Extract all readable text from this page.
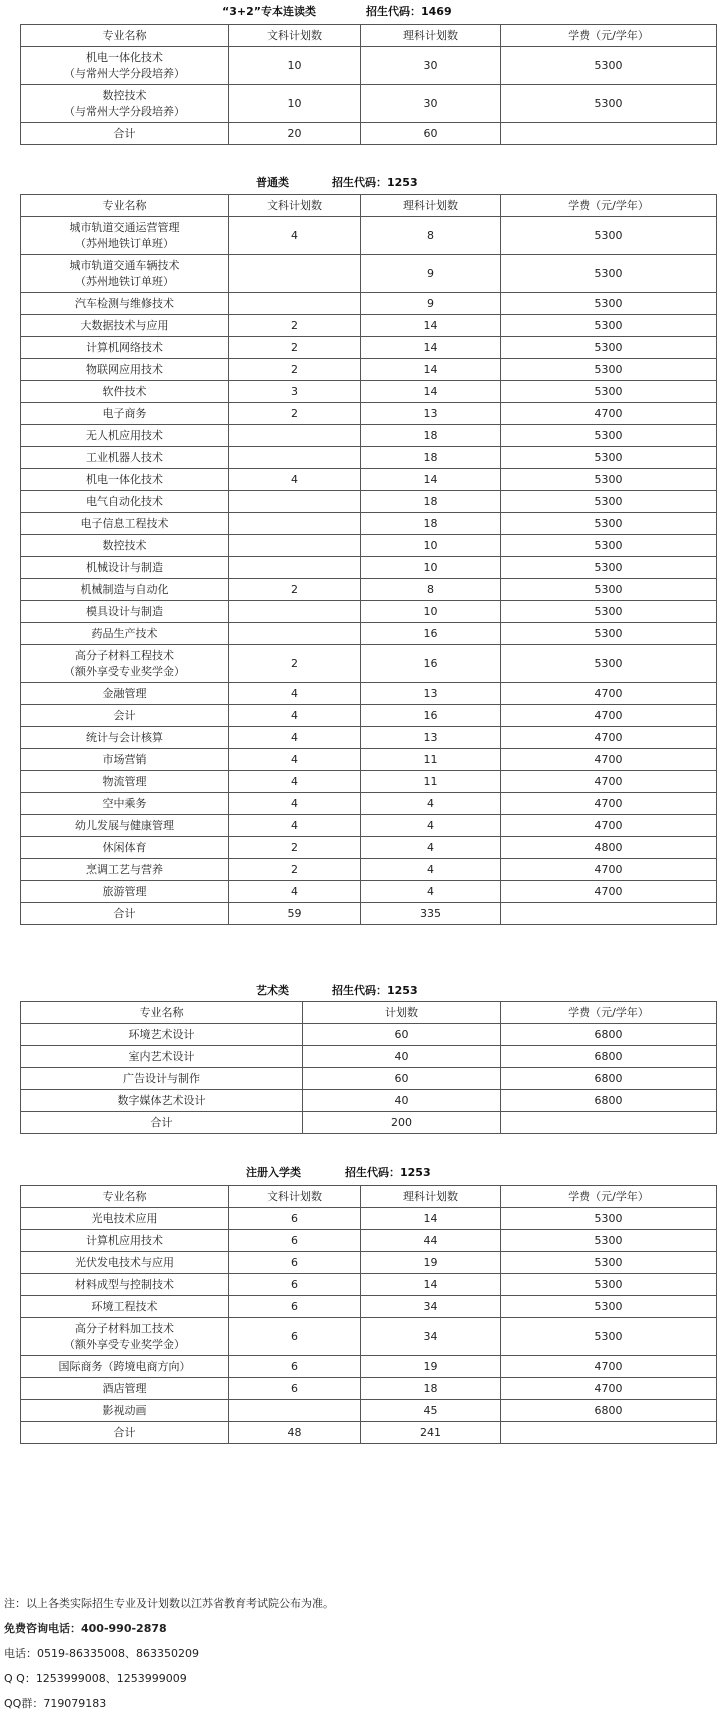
“3+2”专本连读类	招生代码：1469
专业名称	文科计划数	理科计划数	学费（元/学年）
机电一体化技术
（与常州大学分段培养）	10	30	5300
数控技术
（与常州大学分段培养）	10	30	5300
合计	20	60	
普通类	招生代码：1253
专业名称	文科计划数	理科计划数	学费（元/学年）
城市轨道交通运营管理
（苏州地铁订单班）	4	8	5300
城市轨道交通车辆技术
（苏州地铁订单班）		9	5300
汽车检测与维修技术		9	5300
大数据技术与应用	2	14	5300
计算机网络技术	2	14	5300
物联网应用技术	2	14	5300
软件技术	3	14	5300
电子商务	2	13	4700
无人机应用技术		18	5300
工业机器人技术		18	5300
机电一体化技术	4	14	5300
电气自动化技术		18	5300
电子信息工程技术		18	5300
数控技术		10	5300
机械设计与制造		10	5300
机械制造与自动化	2	8	5300
模具设计与制造		10	5300
药品生产技术		16	5300
高分子材料工程技术
（额外享受专业奖学金）	2	16	5300
金融管理	4	13	4700
会计	4	16	4700
统计与会计核算	4	13	4700
市场营销	4	11	4700
物流管理	4	11	4700
空中乘务	4	4	4700
幼儿发展与健康管理	4	4	4700
休闲体育	2	4	4800
烹调工艺与营养	2	4	4700
旅游管理	4	4	4700
合计	59	335	
艺术类	招生代码：1253
专业名称	计划数	学费（元/学年）
环境艺术设计	60	6800
室内艺术设计	40	6800
广告设计与制作	60	6800
数字媒体艺术设计	40	6800
合计	200	
注册入学类	招生代码：1253
专业名称	文科计划数	理科计划数	学费（元/学年）
光电技术应用	6	14	5300
计算机应用技术	6	44	5300
光伏发电技术与应用	6	19	5300
材料成型与控制技术	6	14	5300
环境工程技术	6	34	5300
高分子材料加工技术
（额外享受专业奖学金）	6	34	5300
国际商务（跨境电商方向）	6	19	4700
酒店管理	6	18	4700
影视动画		45	6800
合计	48	241	
注：以上各类实际招生专业及计划数以江苏省教育考试院公布为准。
免费咨询电话：400-990-2878
电话：0519-86335008、863350209
Q Q：1253999008、1253999009
QQ群：719079183
